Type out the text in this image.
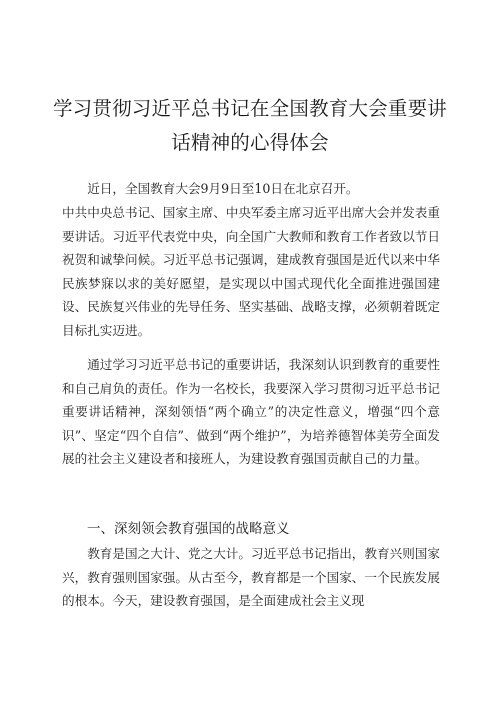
学习贯彻习近平总书记在全国教育大会重要讲话精神的心得体会

近日，全国教育大会9月9日至10日在北京召开。

中共中央总书记、国家主席、中央军委主席习近平出席大会并发表重要讲话。习近平代表党中央，向全国广大教师和教育工作者致以节日祝贺和诚挚问候。习近平总书记强调，建成教育强国是近代以来中华民族梦寐以求的美好愿望，是实现以中国式现代化全面推进强国建设、民族复兴伟业的先导任务、坚实基础、战略支撑，必须朝着既定目标扎实迈进。

通过学习习近平总书记的重要讲话，我深刻认识到教育的重要性和自己肩负的责任。作为一名校长，我要深入学习贯彻习近平总书记重要讲话精神，深刻领悟“两个确立”的决定性意义，增强“四个意识”、坚定“四个自信”、做到“两个维护”，为培养德智体美劳全面发展的社会主义建设者和接班人，为建设教育强国贡献自己的力量。

一、深刻领会教育强国的战略意义

教育是国之大计、党之大计。习近平总书记指出，教育兴则国家兴，教育强则国家强。从古至今，教育都是一个国家、一个民族发展的根本。今天，建设教育强国，是全面建成社会主义现
